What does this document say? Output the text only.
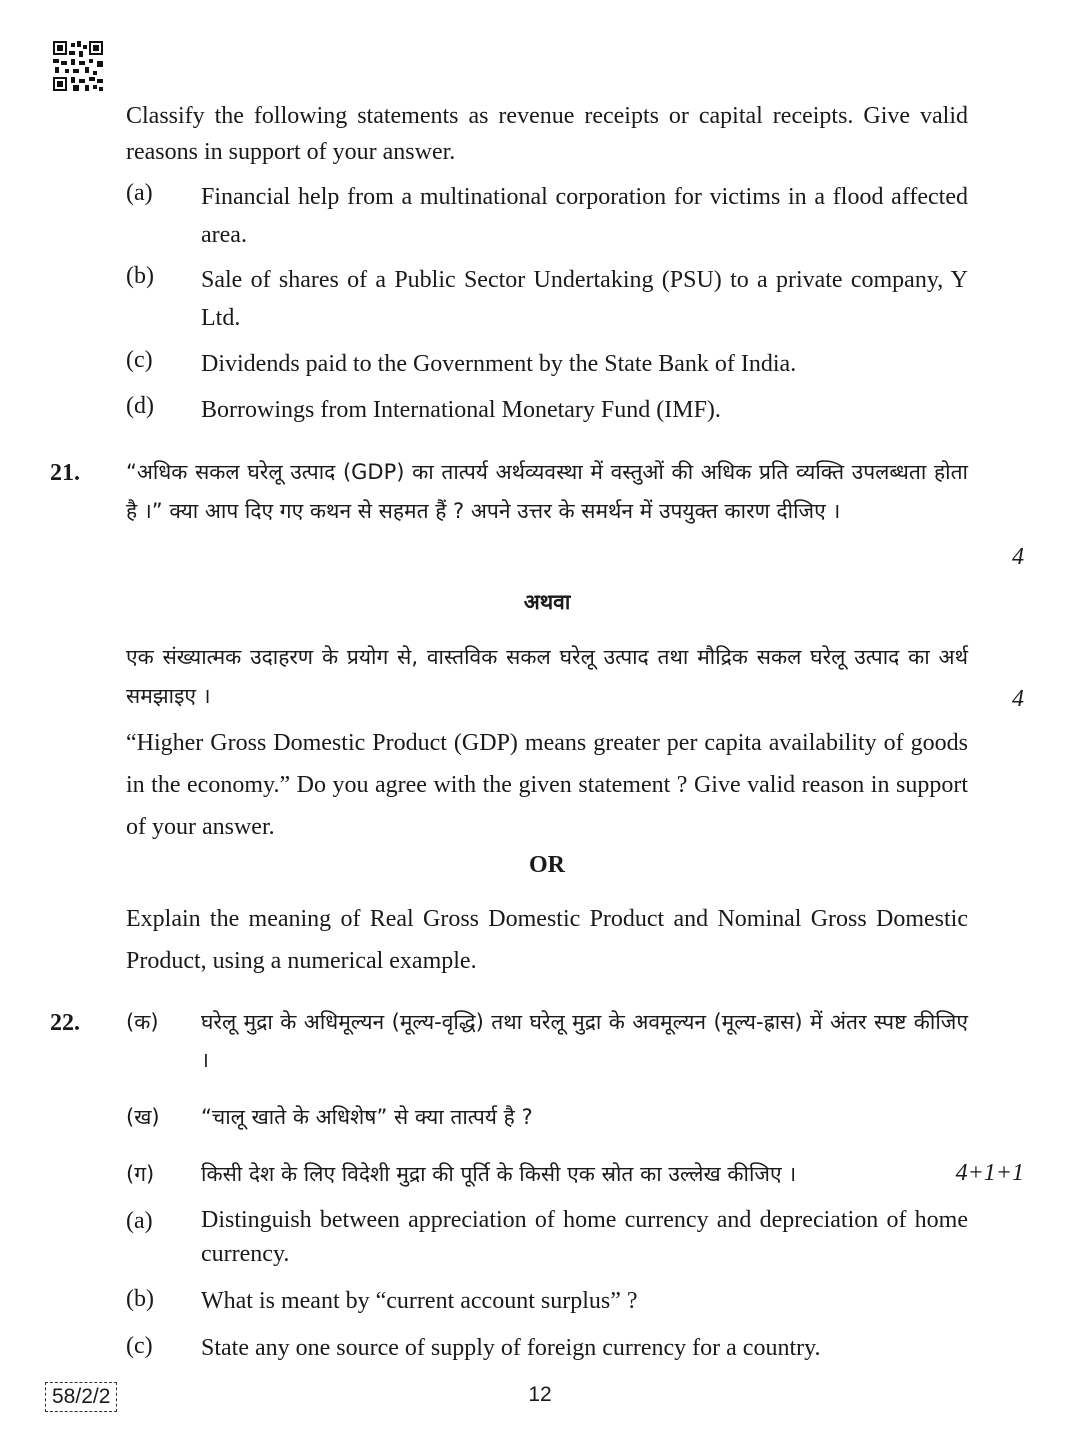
Classify the following statements as revenue receipts or capital receipts. Give valid reasons in support of your answer.
(a) Financial help from a multinational corporation for victims in a flood affected area.
(b) Sale of shares of a Public Sector Undertaking (PSU) to a private company, Y Ltd.
(c) Dividends paid to the Government by the State Bank of India.
(d) Borrowings from International Monetary Fund (IMF).
21. “अधिक सकल घरेलू उत्पाद (GDP) का तात्पर्य अर्थव्यवस्था में वस्तुओं की अधिक प्रति व्यक्ति उपलब्धता होता है ।” क्या आप दिए गए कथन से सहमत हैं ? अपने उत्तर के समर्थन में उपयुक्त कारण दीजिए ।
4
अथवा
एक संख्यात्मक उदाहरण के प्रयोग से, वास्तविक सकल घरेलू उत्पाद तथा मौद्रिक सकल घरेलू उत्पाद का अर्थ समझाइए ।	4
“Higher Gross Domestic Product (GDP) means greater per capita availability of goods in the economy.” Do you agree with the given statement ? Give valid reason in support of your answer.
OR
Explain the meaning of Real Gross Domestic Product and Nominal Gross Domestic Product, using a numerical example.
22. (क) घरेलू मुद्रा के अधिमूल्यन (मूल्य-वृद्धि) तथा घरेलू मुद्रा के अवमूल्यन (मूल्य-ह्रास) में अंतर स्पष्ट कीजिए ।
(ख) “चालू खाते के अधिशेष” से क्या तात्पर्य है ?
(ग) किसी देश के लिए विदेशी मुद्रा की पूर्ति के किसी एक स्रोत का उल्लेख कीजिए ।	4+1+1
(a) Distinguish between appreciation of home currency and depreciation of home currency.
(b) What is meant by “current account surplus” ?
(c) State any one source of supply of foreign currency for a country.
58/2/2	12
